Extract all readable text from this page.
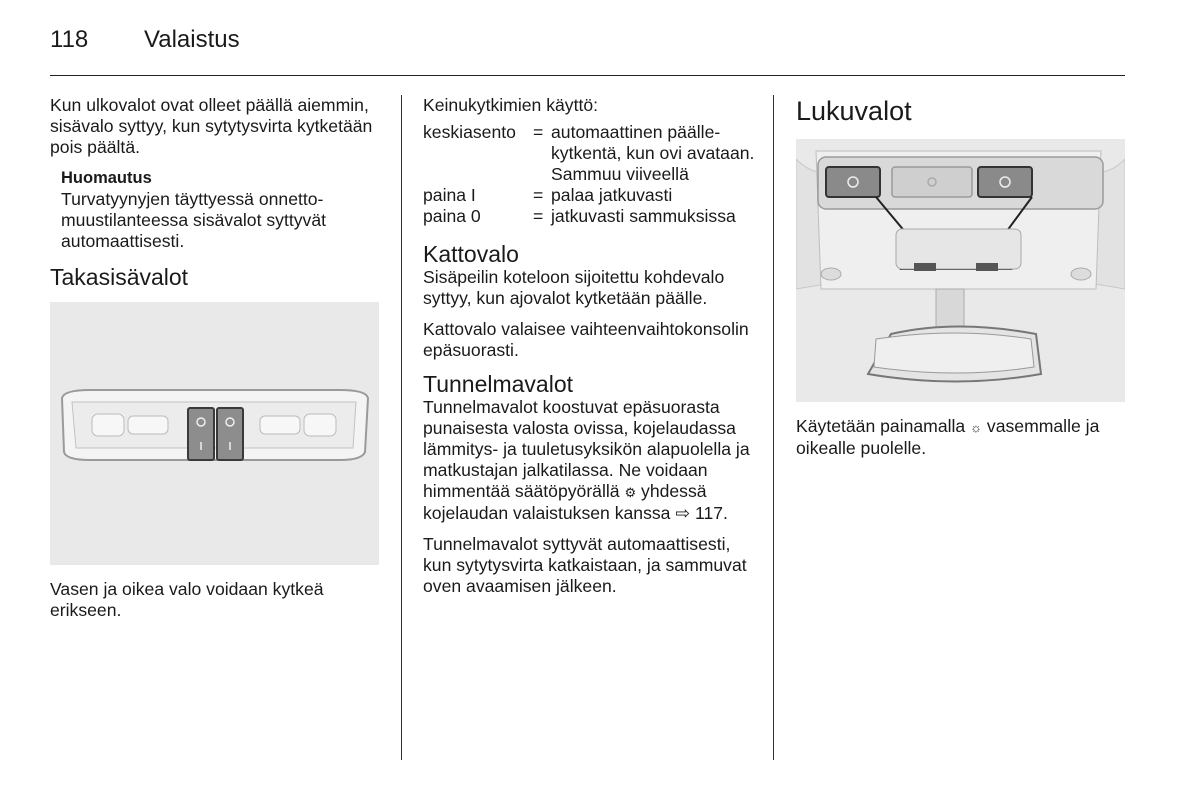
118 Valaistus

Kun ulkovalot ovat olleet päällä aiemmin, sisävalo syttyy, kun sytytysvirta kytketään pois päältä.

Huomautus
Turvatyynyjen täyttyessä onnettomuustilanteessa sisävalot syttyvät automaattisesti.
Takasisävalot

Vasen ja oikea valo voidaan kytkeä erikseen.

Keinukytkimien käyttö:

keskiasento = automaattinen päällekytkentä, kun ovi avataan. Sammuu viiveellä
paina I	= palaa jatkuvasti
paina 0	= jatkuvasti sammuksissa
Kattovalo

Sisäpeilin koteloon sijoitettu kohdevalo syttyy, kun ajovalot kytketään päälle.

Kattovalo valaisee vaihteenvaihtokonsolin epäsuorasti.

Tunnelmavalot

Tunnelmavalot koostuvat epäsuorasta punaisesta valosta ovissa, kojelaudassa lämmitys- ja tuuletusyksikön alapuolella ja matkustajan jalkatilassa. Ne voidaan himmentää säätöpyörällä ⚙ yhdessä kojelaudan valaistuksen kanssa ⇨ 117.

Tunnelmavalot syttyvät automaattisesti, kun sytytysvirta katkaistaan, ja sammuvat oven avaamisen jälkeen.

Lukuvalot

Käytetään painamalla ☼ vasemmalle ja oikealle puolelle.
